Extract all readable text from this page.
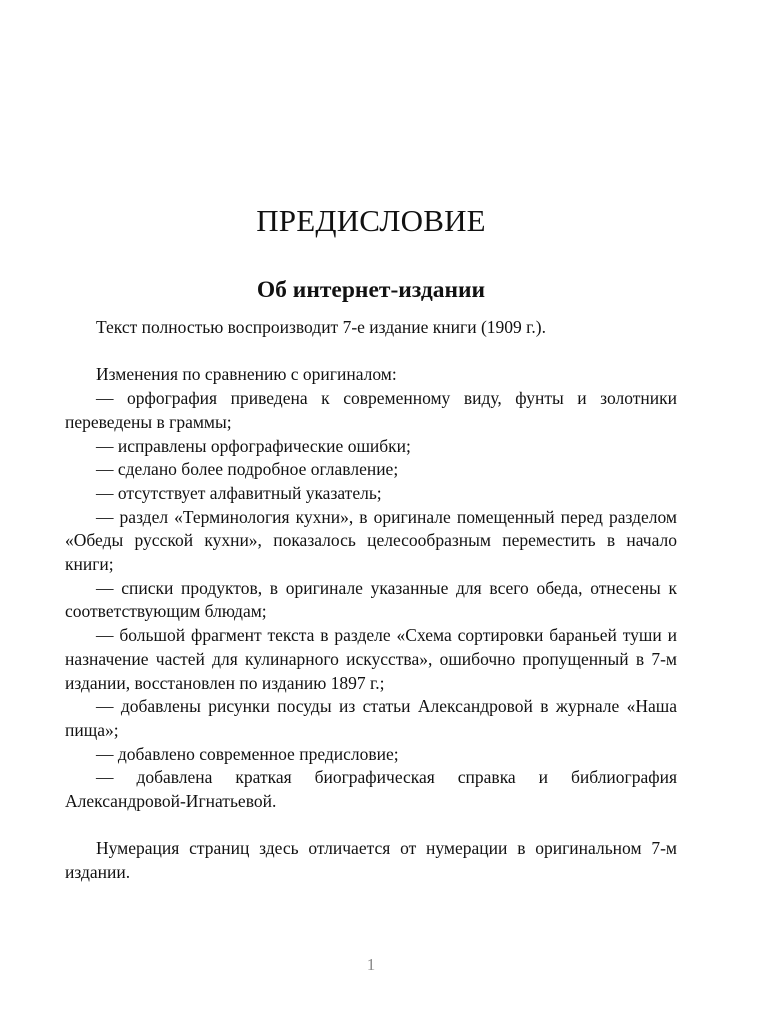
ПРЕДИСЛОВИЕ
Об интернет-издании

Текст полностью воспроизводит 7-е издание книги (1909 г.).

Изменения по сравнению с оригиналом:

— орфография приведена к современному виду, фунты и золотники переведены в граммы;

— исправлены орфографические ошибки;

— сделано более подробное оглавление;

— отсутствует алфавитный указатель;

— раздел «Терминология кухни», в оригинале помещенный перед разделом «Обеды русской кухни», показалось целесообразным переместить в начало книги;

— списки продуктов, в оригинале указанные для всего обеда, отнесены к соответствующим блюдам;

— большой фрагмент текста в разделе «Схема сортировки бараньей туши и назначение частей для кулинарного искусства», ошибочно пропущенный в 7-м издании, восстановлен по изданию 1897 г.;

— добавлены рисунки посуды из статьи Александровой в журнале «Наша пища»;

— добавлено современное предисловие;

— добавлена краткая биографическая справка и библиография Александровой-Игнатьевой.

Нумерация страниц здесь отличается от нумерации в оригинальном 7-м издании.

1
